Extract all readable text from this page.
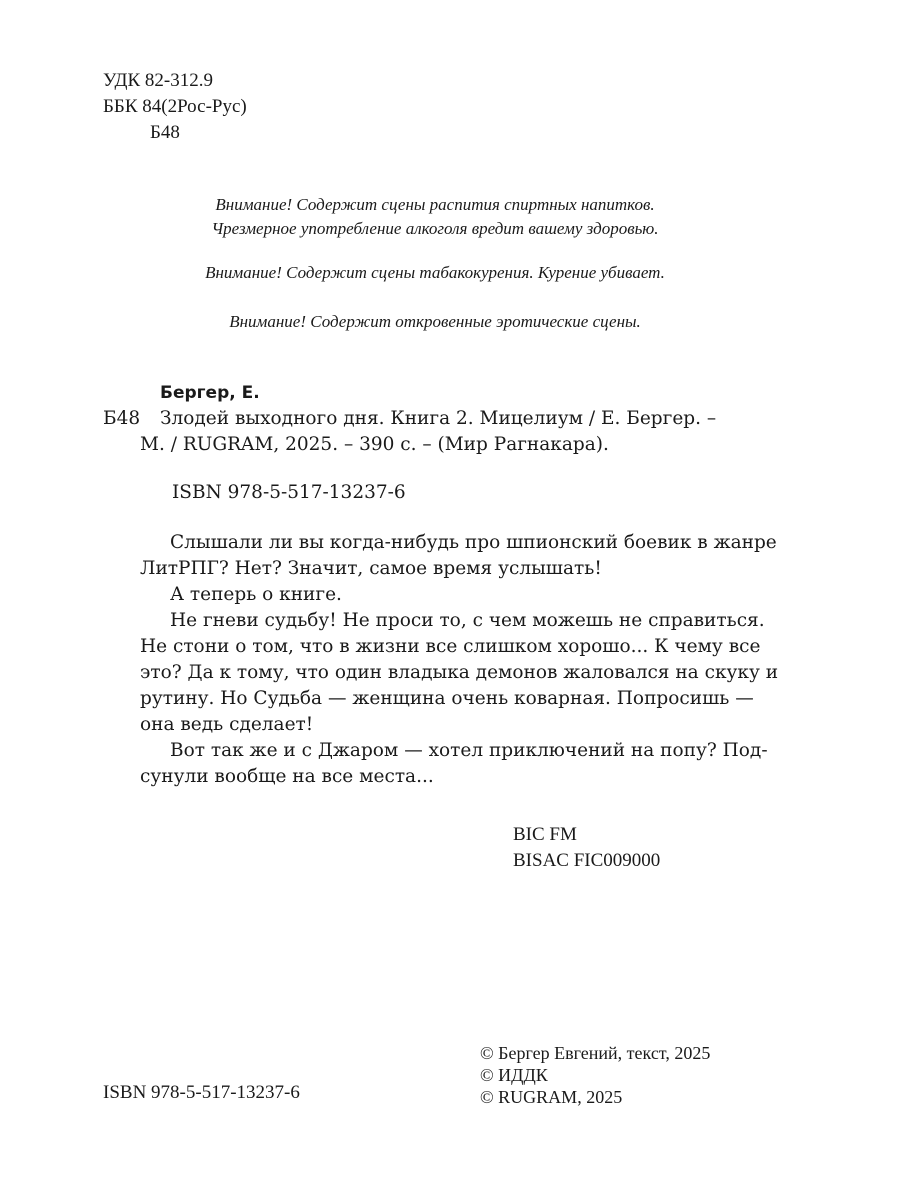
УДК 82-312.9
ББК 84(2Рос-Рус)
Б48
Внимание! Содержит сцены распития спиртных напитков.
Чрезмерное употребление алкоголя вредит вашему здоровью.
Внимание! Содержит сцены табакокурения. Курение убивает.
Внимание! Содержит откровенные эротические сцены.
Бергер, Е.
Б48 Злодей выходного дня. Книга 2. Мицелиум / Е. Бергер. –
М. / RUGRAM, 2025. – 390 с. – (Мир Рагнакара).
ISBN 978-5-517-13237-6
Слышали ли вы когда-нибудь про шпионский боевик в жанре
ЛитРПГ? Нет? Значит, самое время услышать!
А теперь о книге.
Не гневи судьбу! Не проси то, с чем можешь не справиться.
Не стони о том, что в жизни все слишком хорошо... К чему все
это? Да к тому, что один владыка демонов жаловался на скуку и
рутину. Но Судьба — женщина очень коварная. Попросишь —
она ведь сделает!
Вот так же и с Джаром — хотел приключений на попу? Под-
сунули вообще на все места...
BIC FM
BISAC FIC009000
ISBN 978-5-517-13237-6
© Бергер Евгений, текст, 2025
© ИДДК
© RUGRAM, 2025
